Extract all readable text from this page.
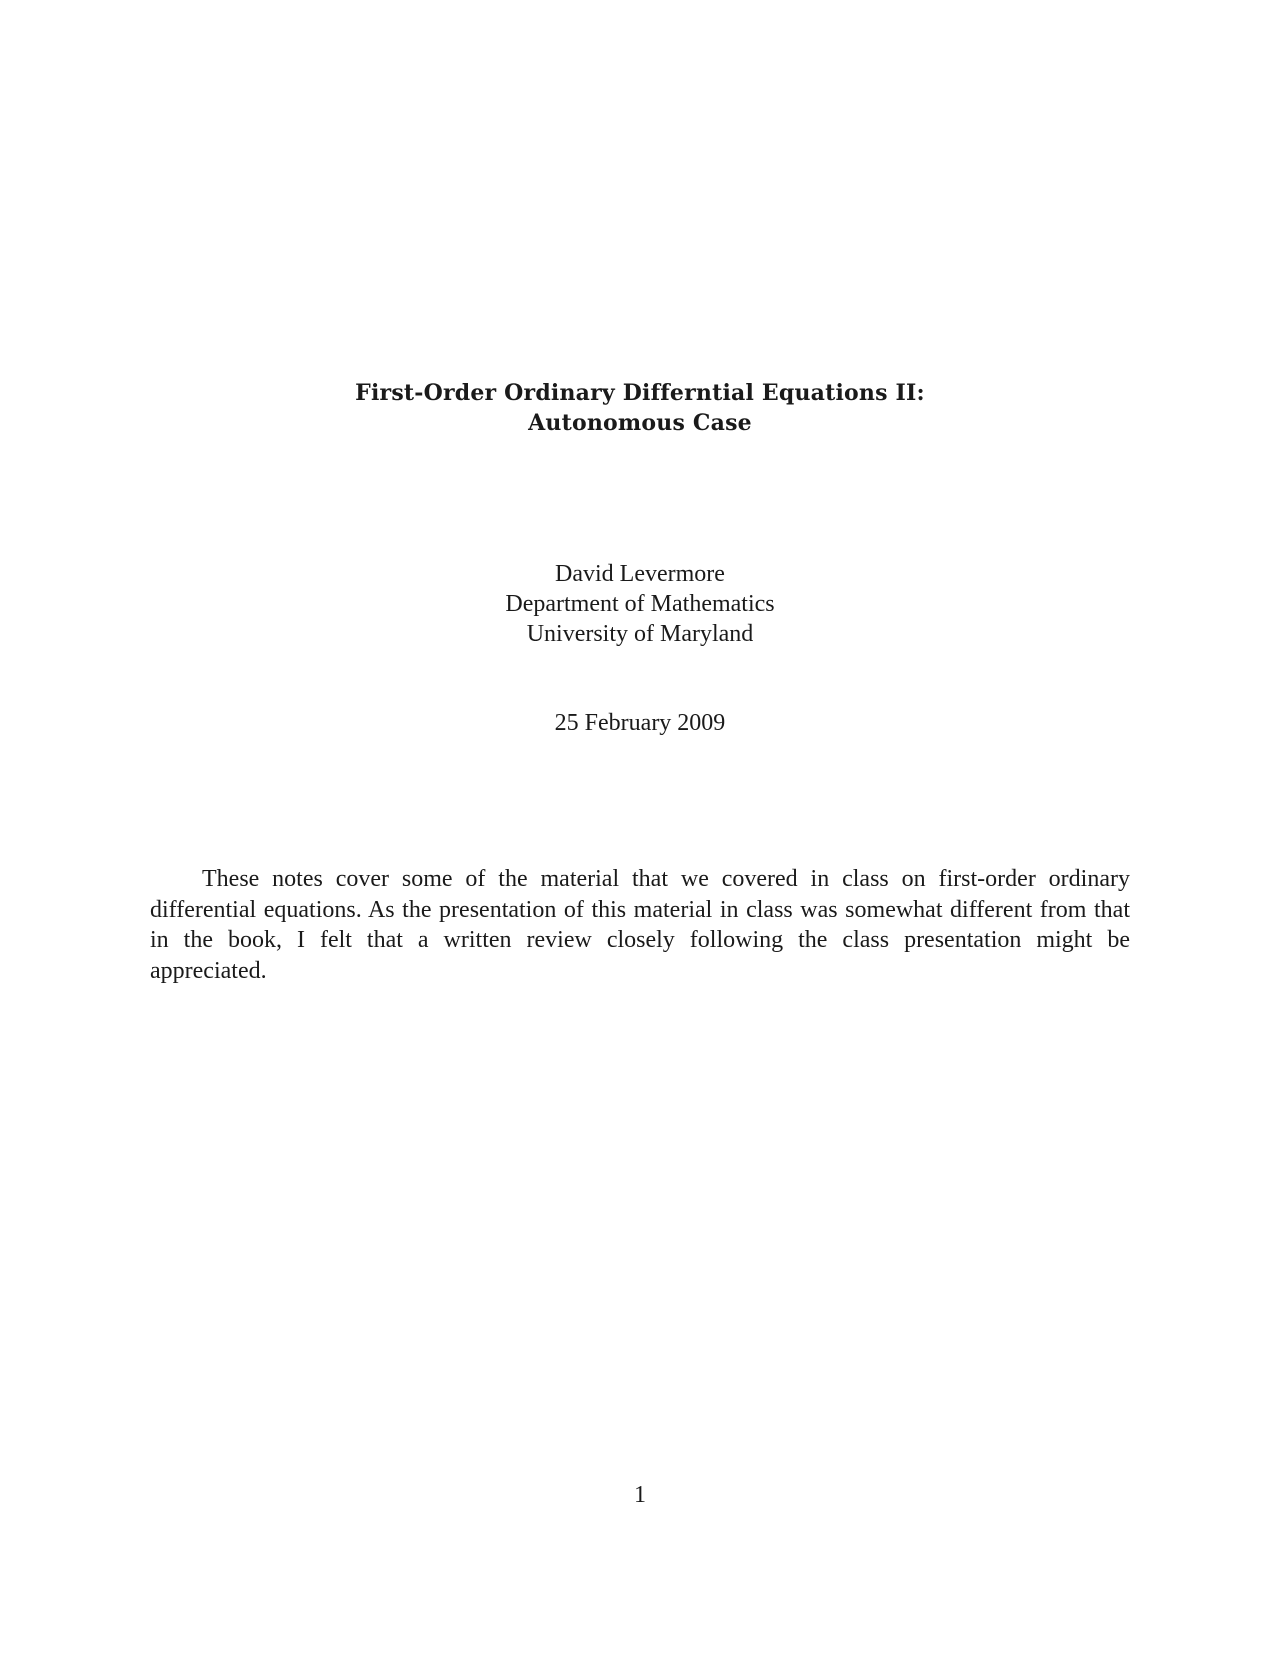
First-Order Ordinary Differntial Equations II:
Autonomous Case
David Levermore
Department of Mathematics
University of Maryland
25 February 2009

These notes cover some of the material that we covered in class on first-order ordinary differential equations. As the presentation of this material in class was somewhat different from that in the book, I felt that a written review closely following the class presentation might be appreciated.

1
